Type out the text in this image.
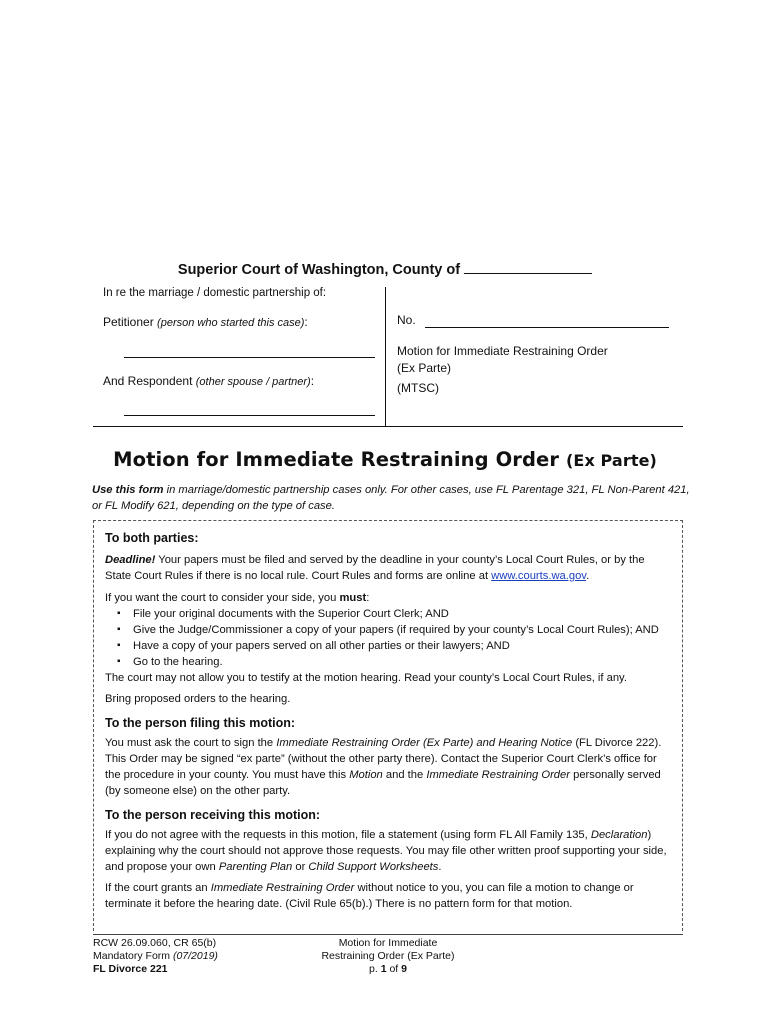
Superior Court of Washington, County of
In re the marriage / domestic partnership of:
Petitioner (person who started this case):
And Respondent (other spouse / partner):
No.
Motion for Immediate Restraining Order
(Ex Parte)
(MTSC)
Motion for Immediate Restraining Order (Ex Parte)
Use this form in marriage/domestic partnership cases only. For other cases, use FL Parentage 321, FL Non-Parent 421, or FL Modify 621, depending on the type of case.
To both parties:
Deadline! Your papers must be filed and served by the deadline in your county’s Local Court Rules, or by the State Court Rules if there is no local rule. Court Rules and forms are online at www.courts.wa.gov.
If you want the court to consider your side, you must:
▪ File your original documents with the Superior Court Clerk; AND
▪ Give the Judge/Commissioner a copy of your papers (if required by your county’s Local Court Rules); AND
▪ Have a copy of your papers served on all other parties or their lawyers; AND
▪ Go to the hearing.
The court may not allow you to testify at the motion hearing. Read your county’s Local Court Rules, if any.
Bring proposed orders to the hearing.
To the person filing this motion:
You must ask the court to sign the Immediate Restraining Order (Ex Parte) and Hearing Notice (FL Divorce 222). This Order may be signed “ex parte” (without the other party there). Contact the Superior Court Clerk’s office for the procedure in your county. You must have this Motion and the Immediate Restraining Order personally served (by someone else) on the other party.
To the person receiving this motion:
If you do not agree with the requests in this motion, file a statement (using form FL All Family 135, Declaration) explaining why the court should not approve those requests. You may file other written proof supporting your side, and propose your own Parenting Plan or Child Support Worksheets.
If the court grants an Immediate Restraining Order without notice to you, you can file a motion to change or terminate it before the hearing date. (Civil Rule 65(b).) There is no pattern form for that motion.
RCW 26.09.060, CR 65(b)
Mandatory Form (07/2019)
FL Divorce 221
Motion for Immediate
Restraining Order (Ex Parte)
p. 1 of 9
